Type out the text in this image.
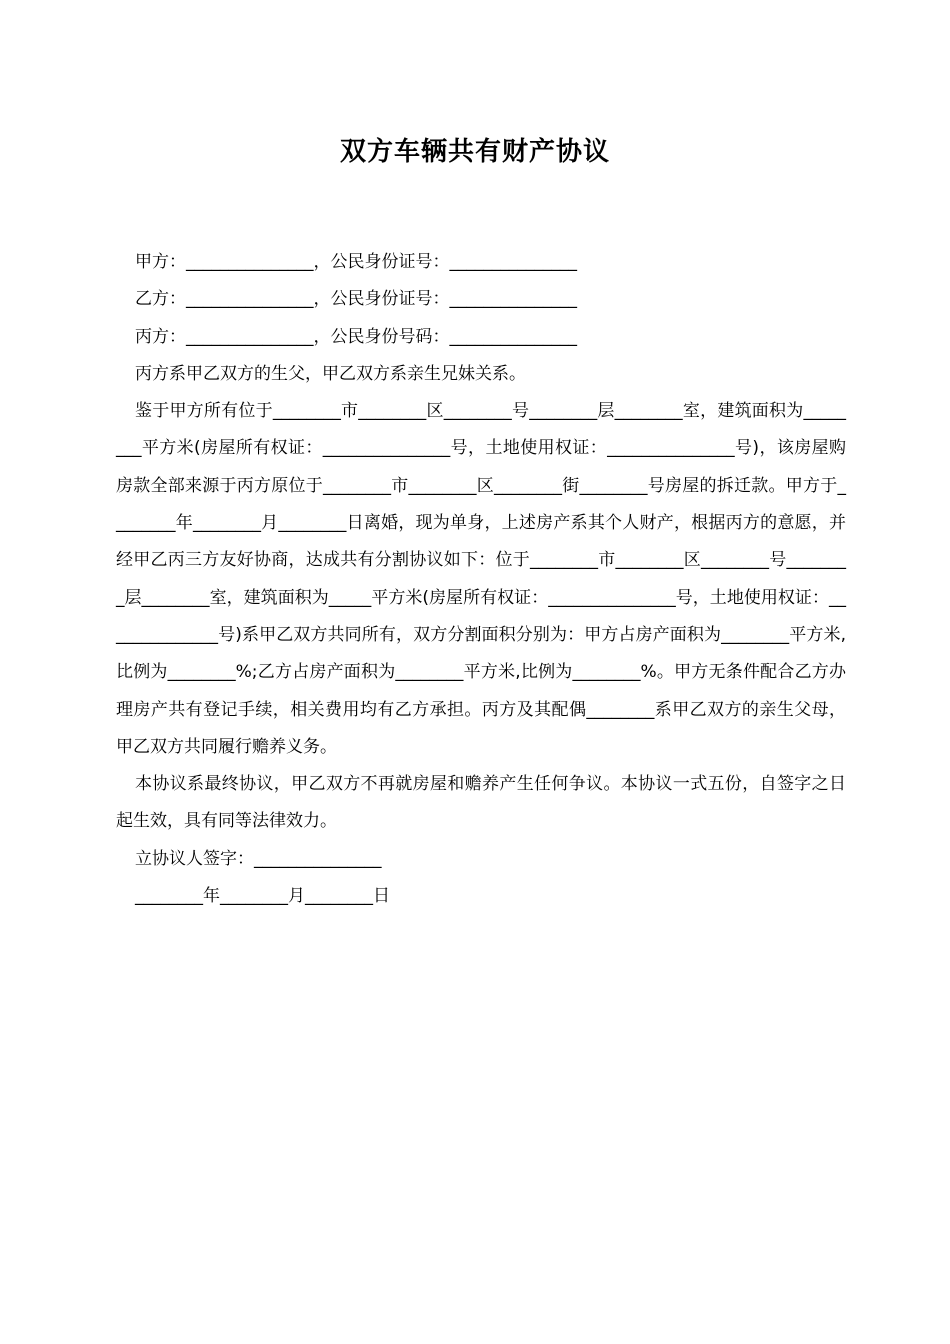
双方车辆共有财产协议
甲方：_______________，公民身份证号：_______________
乙方：_______________，公民身份证号：_______________
丙方：_______________，公民身份号码：_______________
丙方系甲乙双方的生父，甲乙双方系亲生兄妹关系。
鉴于甲方所有位于________市________区________号________层________室，建筑面积为________平方米(房屋所有权证：_______________号，土地使用权证：_______________号)，该房屋购房款全部来源于丙方原位于________市________区________街________号房屋的拆迁款。甲方于________年________月________日离婚，现为单身，上述房产系其个人财产，根据丙方的意愿，并经甲乙丙三方友好协商，达成共有分割协议如下：位于________市________区________号________层________室，建筑面积为_____平方米(房屋所有权证：_______________号，土地使用权证：______________号)系甲乙双方共同所有，双方分割面积分别为：甲方占房产面积为________平方米,比例为________%;乙方占房产面积为________平方米,比例为________%。甲方无条件配合乙方办理房产共有登记手续，相关费用均有乙方承担。丙方及其配偶________系甲乙双方的亲生父母，甲乙双方共同履行赡养义务。
本协议系最终协议，甲乙双方不再就房屋和赡养产生任何争议。本协议一式五份，自签字之日起生效，具有同等法律效力。
立协议人签字：_______________
________年________月________日
